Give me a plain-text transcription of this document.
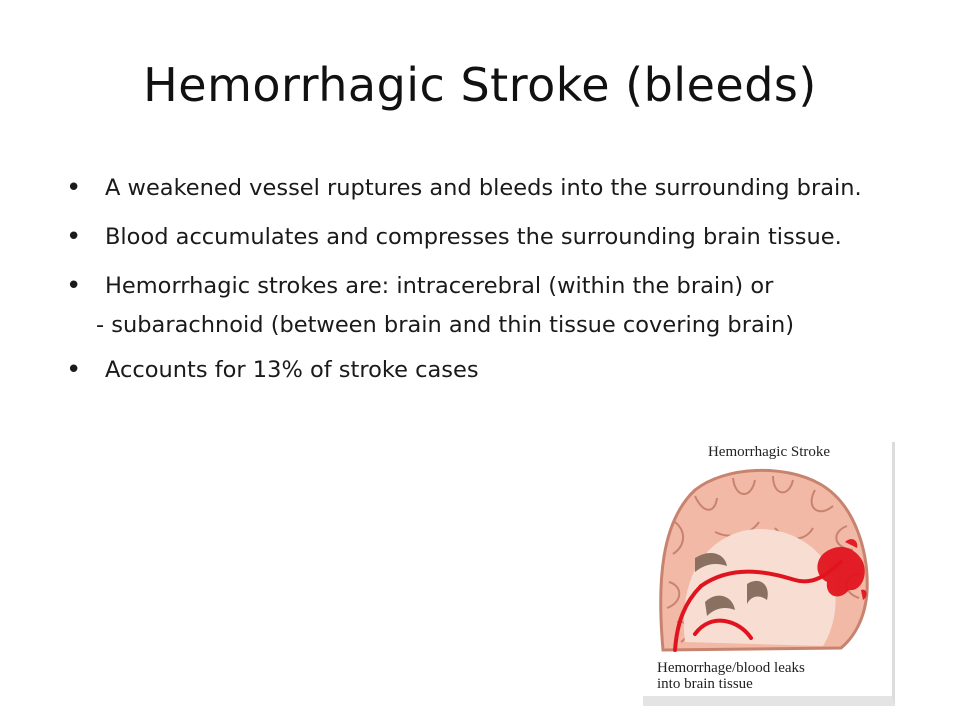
Hemorrhagic Stroke (bleeds)
• A weakened vessel ruptures and bleeds into the surrounding brain.
• Blood accumulates and compresses the surrounding brain tissue.
• Hemorrhagic strokes are: intracerebral (within the brain) or
- subarachnoid (between brain and thin tissue covering brain)
• Accounts for 13% of stroke cases
Hemorrhagic Stroke
Hemorrhage/blood leaks
into brain tissue
